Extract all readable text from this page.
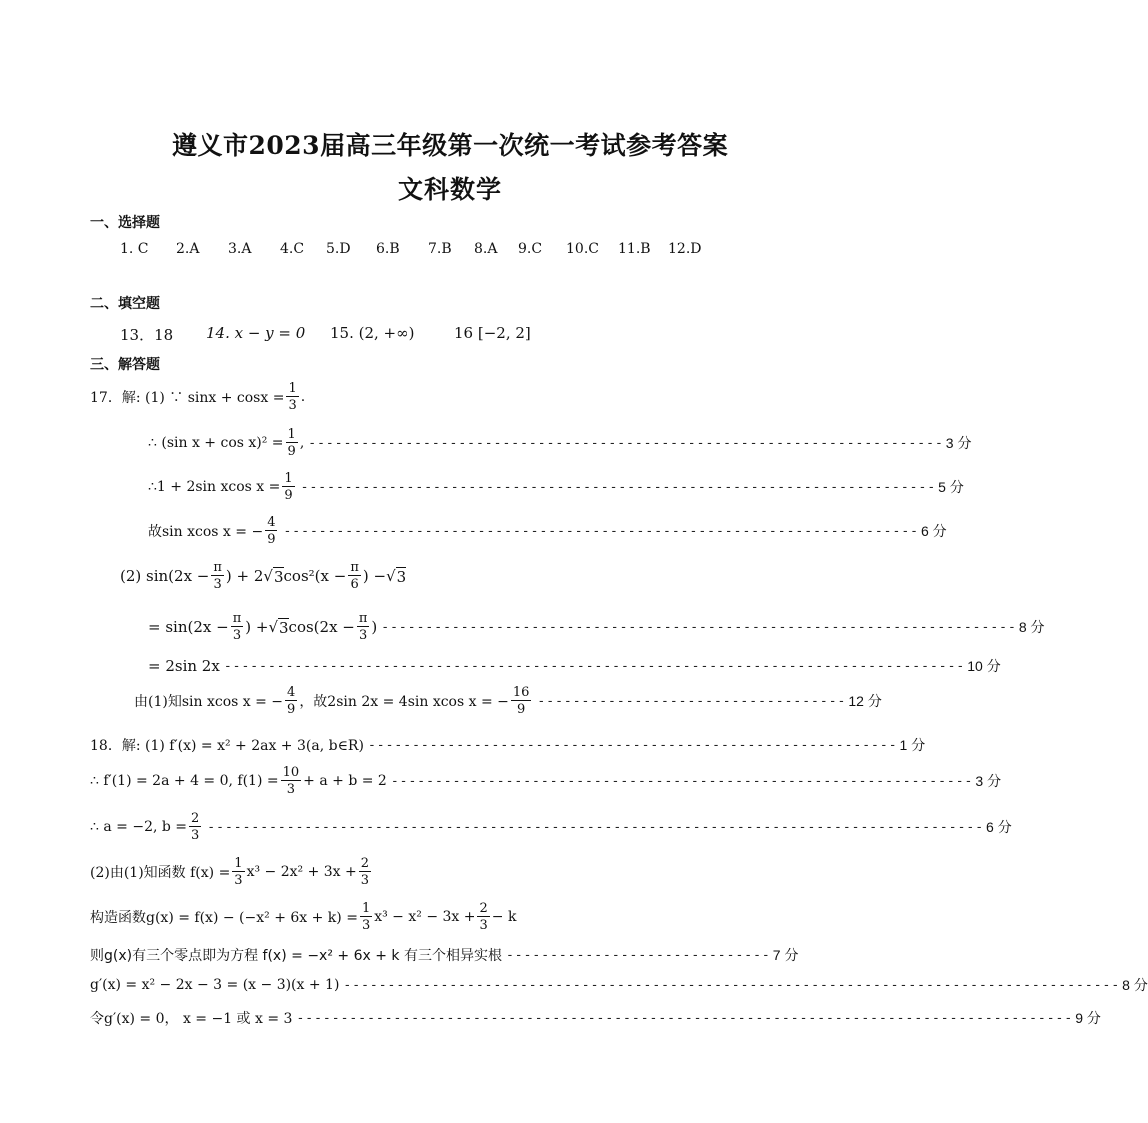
遵义市2023届高三年级第一次统一考试参考答案
文科数学
一、选择题
1. C 2.A 3.A 4.C 5.D 6.B 7.B 8.A 9.C 10.C 11.B 12.D
二、填空题
13．18 14. x − y = 0 15. (2, +∞)	16 [−2, 2]
三、解答题
17．解: (1) ∵ $\sin x + \cos x = \frac{1}{3}$ .
∴ (sin $x + \cos x)^2 = \frac{1}{9}$ , ------------------------------------------------------------------------ 3 分
∴1 + 2sin xcos $x = \frac{1}{9}$ ------------------------------------------------------------------------ 5 分
故sin xcos x = − $\frac{4}{9}$ ------------------------------------------------------------------------ 6 分
(2) $\sin(2x - \frac{\pi}{3}$ ) + 2 √ 3 $\cos^2(x - \frac{\pi}{6}$ ) − √ 3
= $\sin(2x - \frac{\pi}{3}$ ) + √ 3 $\cos(2x - \frac{\pi}{3}$ ) ------------------------------------------------------------------------ 8 分
= 2sin 2x ------------------------------------------------------------------------------------ 10 分
由(1)知sin xcos x = − $\frac{4}{9}$ ，故2sin 2x = 4sin xcos x = − $\frac{16}{9}$ ----------------------------------- 12 分
18．解: (1) f′(x) = x² + 2ax + 3(a, b∈R) ------------------------------------------------------------ 1 分
∴ f′(1) = 2a + 4 = 0, $f(1) = \frac{10}{3} + a + b = 2$ ------------------------------------------------------------------ 3 分
∴ a = −2, $b = \frac{2}{3}$ ---------------------------------------------------------------------------------------- 6 分
(2)由(1)知函数 $f(x) = \frac{1}{3} x^3 - 2x^2 + 3x + \frac{2}{3}$
构造函数$g(x) = f(x) - (-x^2 + 6x + k) = \frac{1}{3} x^3 - x^2 - 3x + \frac{2}{3} - k$
则g(x)有三个零点即为方程 f(x) = −x² + 6x + k 有三个相异实根 ------------------------------ 7 分
g′(x) = x² − 2x − 3 = (x − 3)(x + 1) ---------------------------------------------------------------------------------------- 8 分
令g′(x) = 0， x = −1 或 x = 3 ---------------------------------------------------------------------------------------- 9 分
